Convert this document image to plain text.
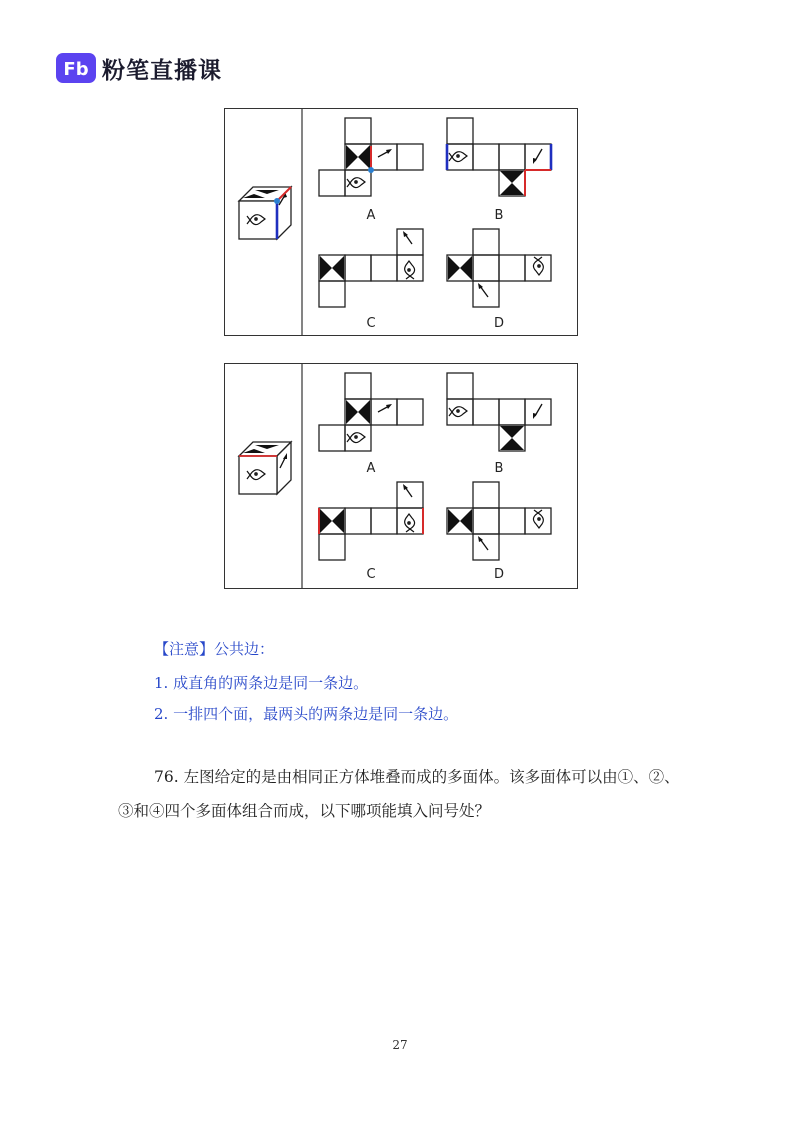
Fb 粉笔直播课
A	B
C	D
A	B
C	D
【注意】公共边：
1. 成直角的两条边是同一条边。
2. 一排四个面，最两头的两条边是同一条边。
76. 左图给定的是由相同正方体堆叠而成的多面体。该多面体可以由①、②、
③和④四个多面体组合而成，以下哪项能填入问号处？
27
